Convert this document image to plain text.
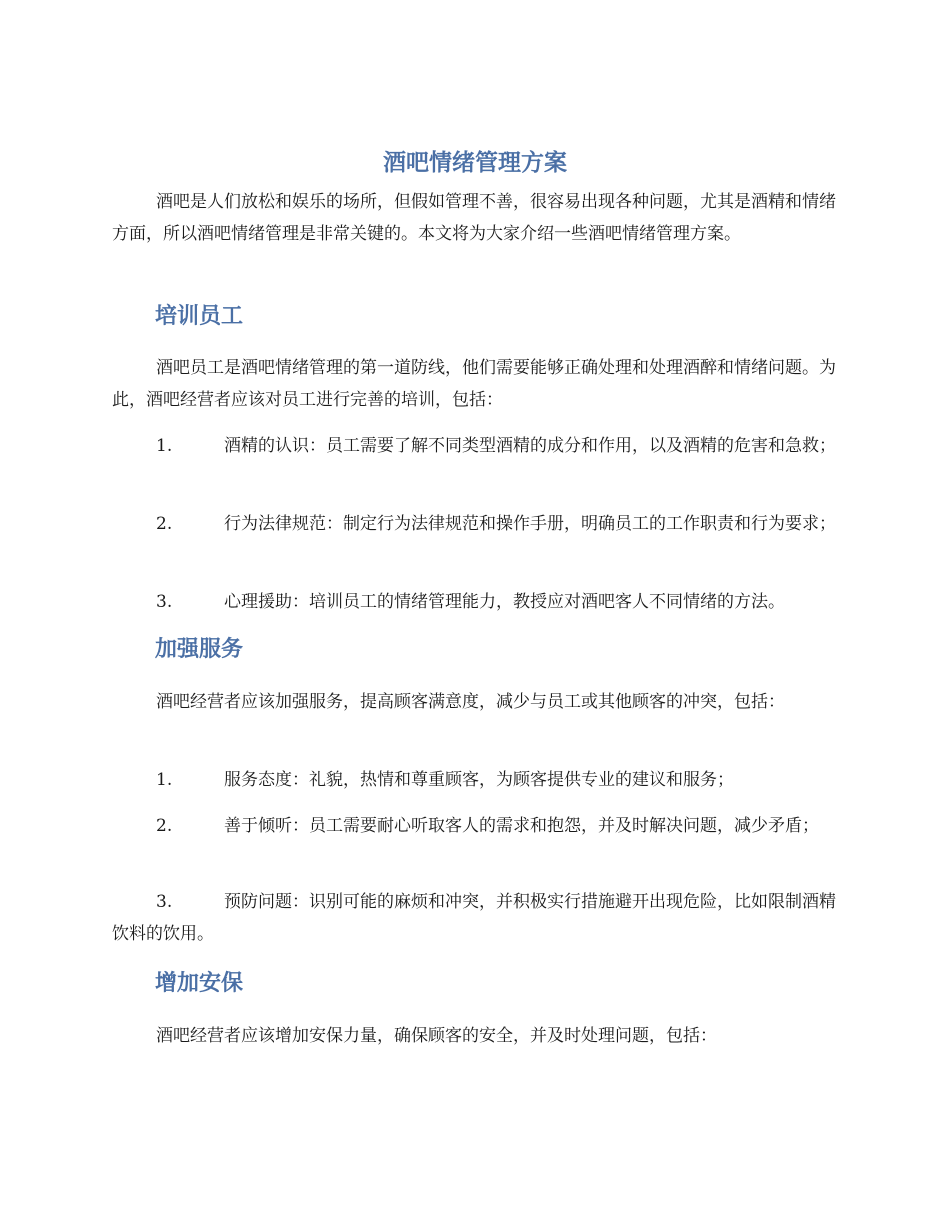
酒吧情绪管理方案

酒吧是人们放松和娱乐的场所，但假如管理不善，很容易出现各种问题，尤其是酒精和情绪方面，所以酒吧情绪管理是非常关键的。本文将为大家介绍一些酒吧情绪管理方案。

培训员工

酒吧员工是酒吧情绪管理的第一道防线，他们需要能够正确处理和处理酒醉和情绪问题。为此，酒吧经营者应该对员工进行完善的培训，包括：

1.	酒精的认识：员工需要了解不同类型酒精的成分和作用，以及酒精的危害和急救；

2.	行为法律规范：制定行为法律规范和操作手册，明确员工的工作职责和行为要求；

3.	心理援助：培训员工的情绪管理能力，教授应对酒吧客人不同情绪的方法。

加强服务

酒吧经营者应该加强服务，提高顾客满意度，减少与员工或其他顾客的冲突，包括：

1.	服务态度：礼貌，热情和尊重顾客，为顾客提供专业的建议和服务；

2.	善于倾听：员工需要耐心听取客人的需求和抱怨，并及时解决问题，减少矛盾；

3.	预防问题：识别可能的麻烦和冲突，并积极实行措施避开出现危险，比如限制酒精饮料的饮用。

增加安保

酒吧经营者应该增加安保力量，确保顾客的安全，并及时处理问题，包括：
